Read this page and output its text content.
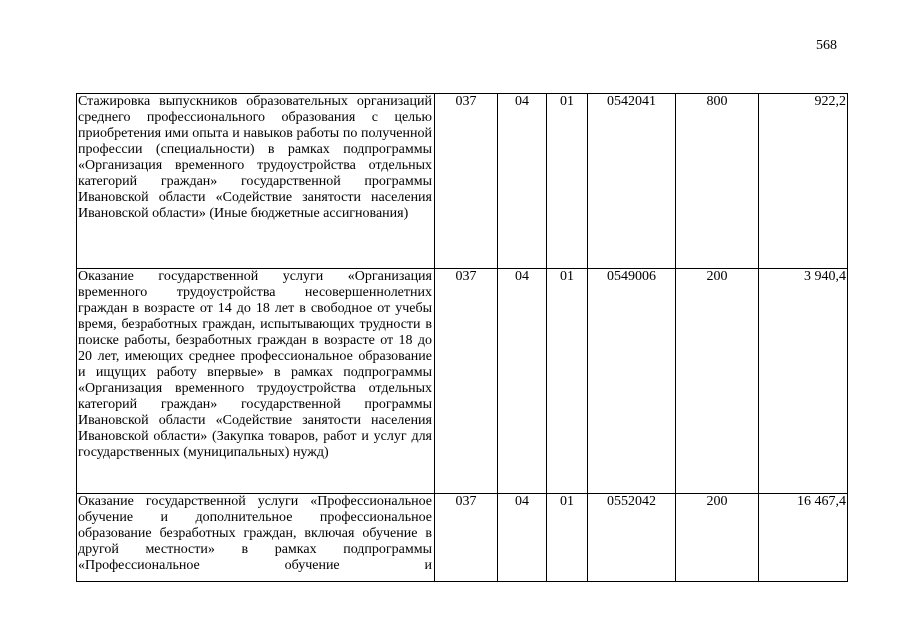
568
Стажировка выпускников образовательных организаций среднего профессионального образования с целью приобретения ими опыта и навыков работы по полученной профессии (специальности) в рамках подпрограммы «Организация временного трудоустройства отдельных категорий граждан» государственной программы Ивановской области «Содействие занятости населения Ивановской области» (Иные бюджетные ассигнования)	037	04	01	0542041	800	922,2
Оказание государственной услуги «Организация временного трудоустройства несовершеннолетних граждан в возрасте от 14 до 18 лет в свободное от учебы время, безработных граждан, испытывающих трудности в поиске работы, безработных граждан в возрасте от 18 до 20 лет, имеющих среднее профессиональное образование и ищущих работу впервые» в рамках подпрограммы «Организация временного трудоустройства отдельных категорий граждан» государственной программы Ивановской области «Содействие занятости населения Ивановской области» (Закупка товаров, работ и услуг для государственных (муниципальных) нужд)	037	04	01	0549006	200	3 940,4
Оказание государственной услуги «Профессиональное обучение и дополнительное профессиональное образование безработных граждан, включая обучение в другой местности» в рамках подпрограммы «Профессиональное обучение и	037	04	01	0552042	200	16 467,4
